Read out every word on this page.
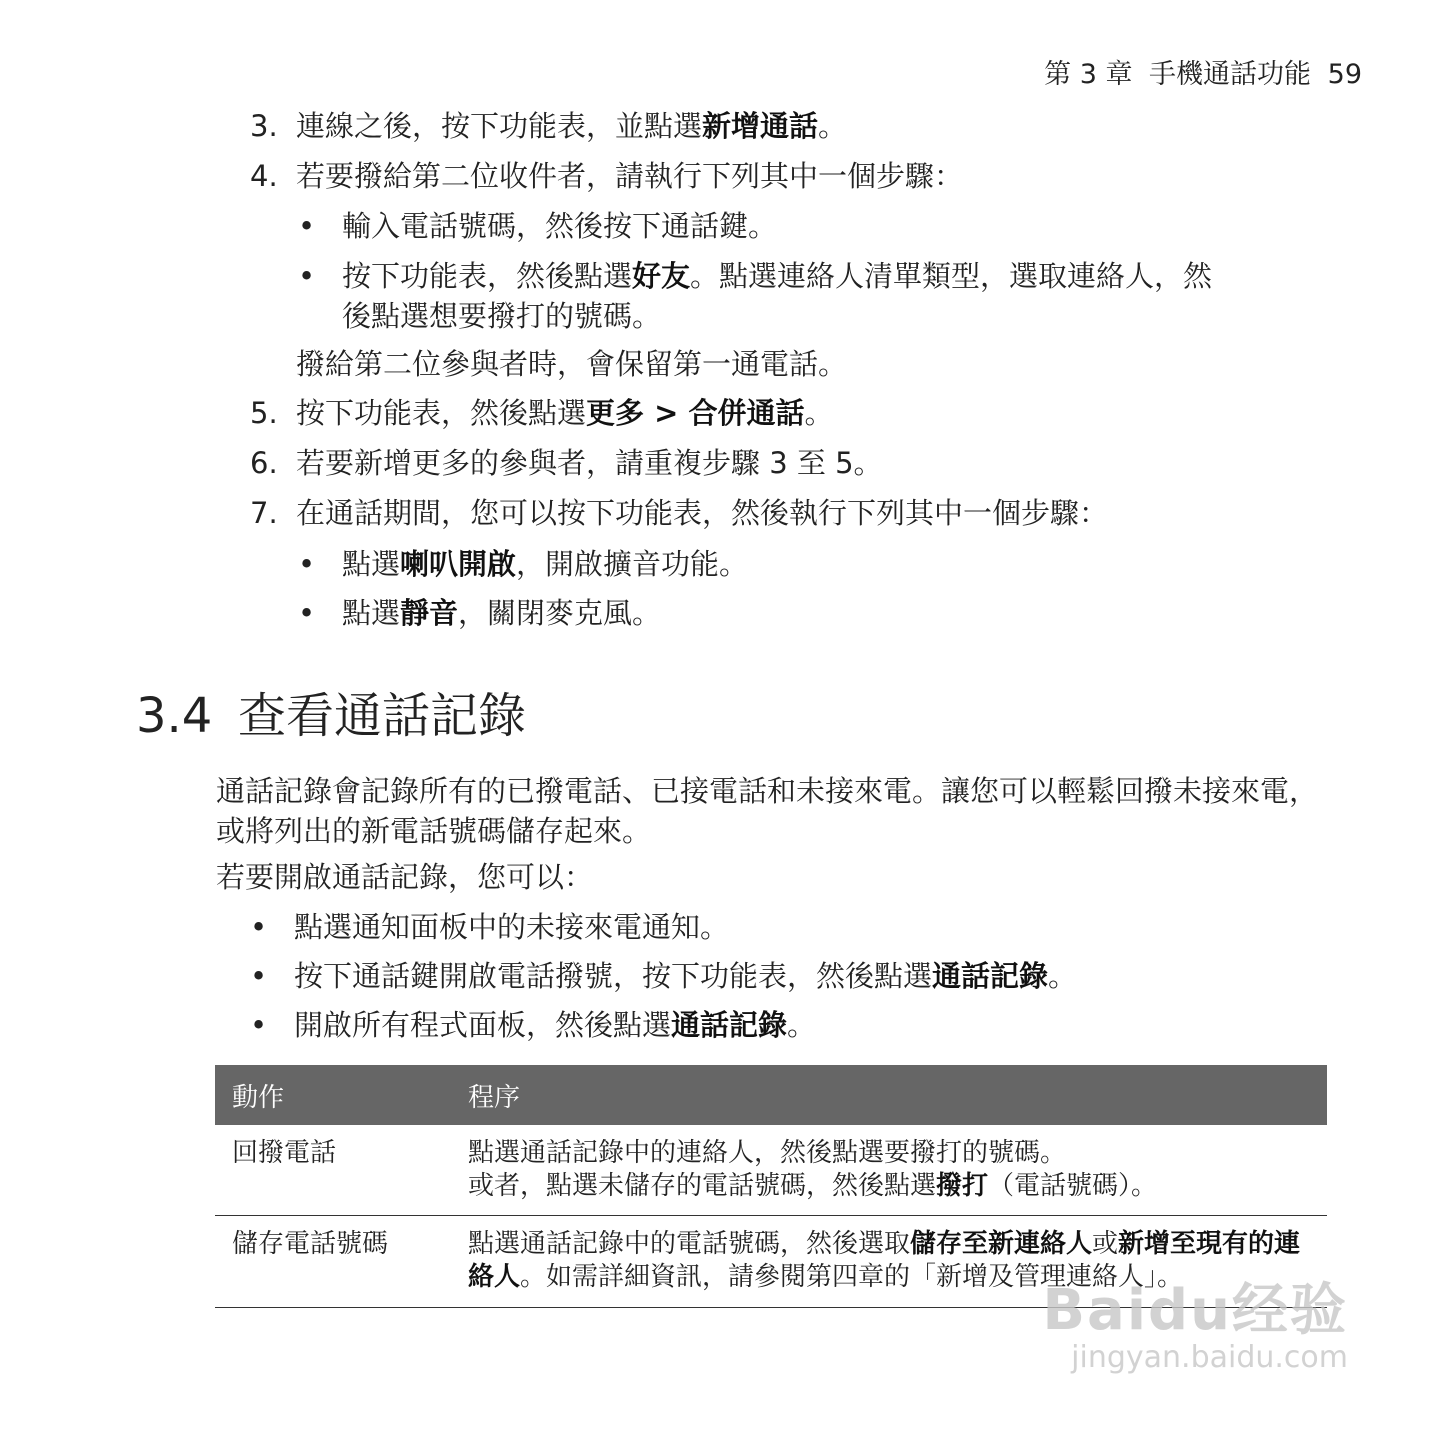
第 3 章 手機通話功能 59
3. 連線之後，按下功能表，並點選新增通話。
4. 若要撥給第二位收件者，請執行下列其中一個步驟：
• 輸入電話號碼，然後按下通話鍵。
• 按下功能表，然後點選好友。點選連絡人清單類型，選取連絡人，然
後點選想要撥打的號碼。
撥給第二位參與者時，會保留第一通電話。
5. 按下功能表，然後點選更多 > 合併通話。
6. 若要新增更多的參與者，請重複步驟 3 至 5。
7. 在通話期間，您可以按下功能表，然後執行下列其中一個步驟：
• 點選喇叭開啟，開啟擴音功能。
• 點選靜音，關閉麥克風。
3.4 查看通話記錄
通話記錄會記錄所有的已撥電話、已接電話和未接來電。讓您可以輕鬆回撥未接來電，或將列出的新電話號碼儲存起來。
若要開啟通話記錄，您可以：
• 點選通知面板中的未接來電通知。
• 按下通話鍵開啟電話撥號，按下功能表，然後點選通話記錄。
• 開啟所有程式面板，然後點選通話記錄。
動作	程序
回撥電話	點選通話記錄中的連絡人，然後點選要撥打的號碼。
或者，點選未儲存的電話號碼，然後點選撥打（電話號碼）。
儲存電話號碼	點選通話記錄中的電話號碼，然後選取儲存至新連絡人或新增至現有的連絡人。如需詳細資訊，請參閱第四章的「新增及管理連絡人」。
Baidu经验
jingyan.baidu.com
